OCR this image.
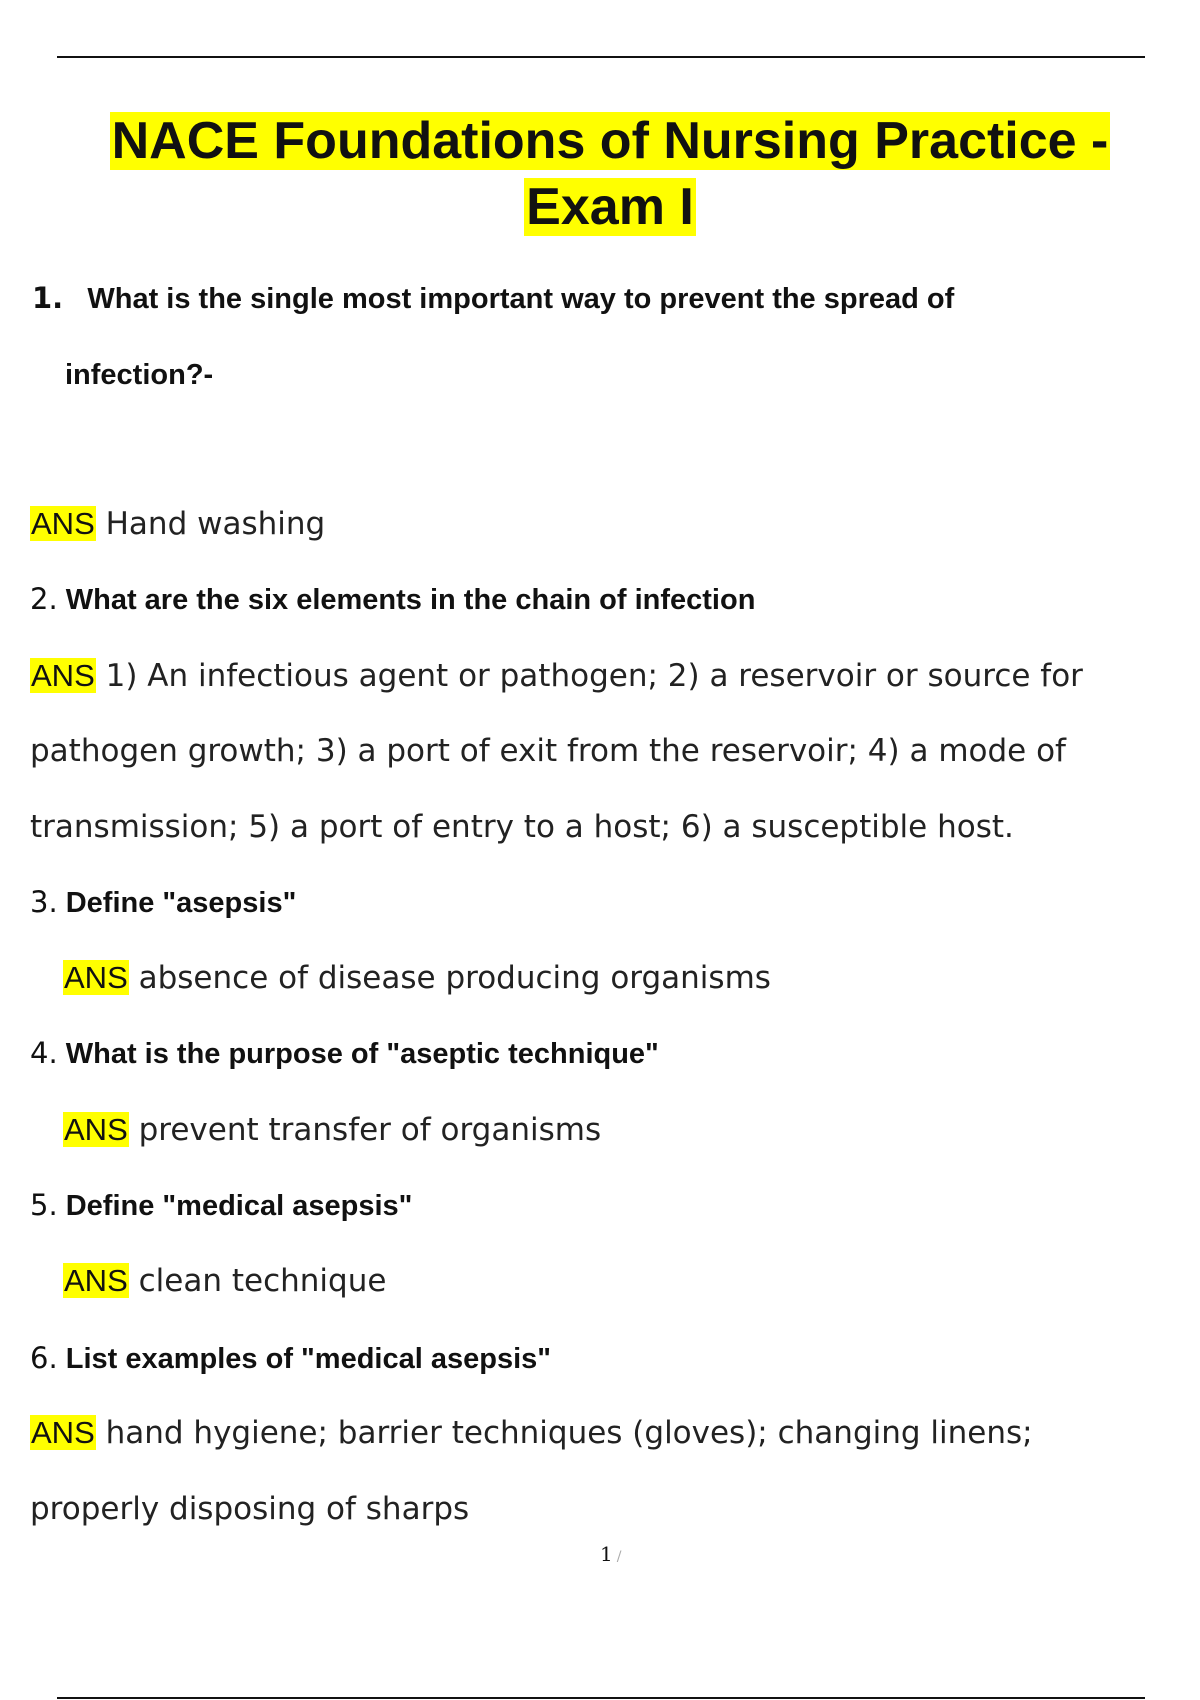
NACE Foundations of Nursing Practice -
Exam I
1. What is the single most important way to prevent the spread of
infection?-
ANS Hand washing
2. What are the six elements in the chain of infection
ANS 1) An infectious agent or pathogen; 2) a reservoir or source for
pathogen growth; 3) a port of exit from the reservoir; 4) a mode of
transmission; 5) a port of entry to a host; 6) a susceptible host.
3. Define "asepsis"
ANS absence of disease producing organisms
4. What is the purpose of "aseptic technique"
ANS prevent transfer of organisms
5. Define "medical asepsis"
ANS clean technique
6. List examples of "medical asepsis"
ANS hand hygiene; barrier techniques (gloves); changing linens;
properly disposing of sharps
1 /
